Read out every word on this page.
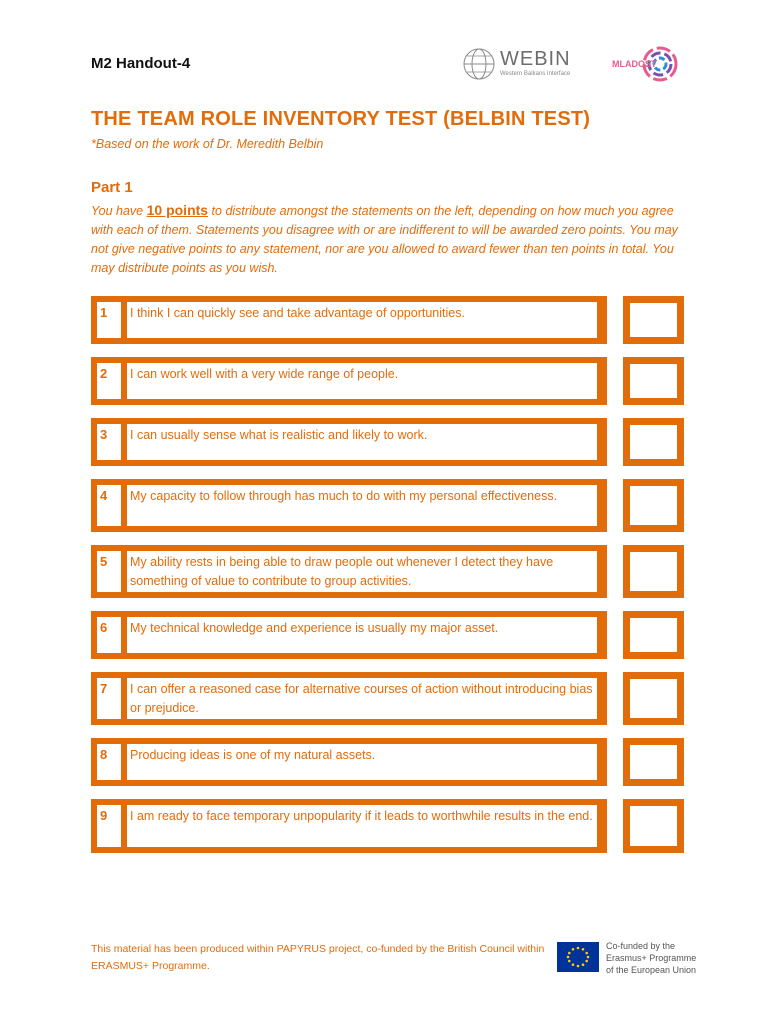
M2 Handout-4	WEBIN
Western Balkans Interface
MLADOST
THE TEAM ROLE INVENTORY TEST (BELBIN TEST)
*Based on the work of Dr. Meredith Belbin
Part 1

You have 10 points to distribute amongst the statements on the left, depending on how much you agree with each of them. Statements you disagree with or are indifferent to will be awarded zero points. You may not give negative points to any statement, nor are you allowed to award fewer than ten points in total. You may distribute points as you wish.

1 I think I can quickly see and take advantage of opportunities.
2 I can work well with a very wide range of people.
3 I can usually sense what is realistic and likely to work.
4 My capacity to follow through has much to do with my personal effectiveness.
5 My ability rests in being able to draw people out whenever I detect they have something of value to contribute to group activities.
6 My technical knowledge and experience is usually my major asset.
7 I can offer a reasoned case for alternative courses of action without introducing bias or prejudice.
8 Producing ideas is one of my natural assets.
9 I am ready to face temporary unpopularity if it leads to worthwhile results in the end.

This material has been produced within PAPYRUS project, co-funded by the British Council within ERASMUS+ Programme.

Co-funded by the
Erasmus+ Programme
of the European Union
